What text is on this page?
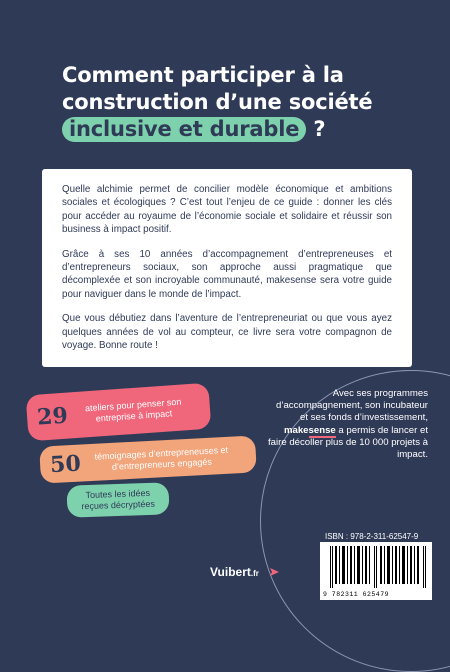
Comment participer à la construction d’une société inclusive et durable ?

Quelle alchimie permet de concilier modèle économique et ambitions sociales et écologiques ? C’est tout l’enjeu de ce guide : donner les clés pour accéder au royaume de l’économie sociale et solidaire et réussir son business à impact positif.

Grâce à ses 10 années d’accompagnement d’entrepreneuses et d’entrepreneurs sociaux, son approche aussi pragmatique que décomplexée et son incroyable communauté, makesense sera votre guide pour naviguer dans le monde de l’impact.

Que vous débutiez dans l’aventure de l’entrepreneuriat ou que vous ayez quelques années de vol au compteur, ce livre sera votre compagnon de voyage. Bonne route !

29	ateliers pour penser son entreprise à impact
50	témoignages d’entrepreneuses et d’entrepreneurs engagés
Toutes les idées reçues décryptées
Avec ses programmes d’accompagnement, son incubateur et ses fonds d’investissement, makesense a permis de lancer et faire décoller plus de 10 000 projets à impact.
ISBN : 978-2-311-62547-9
9 782311 625479
Vuibert.fr
